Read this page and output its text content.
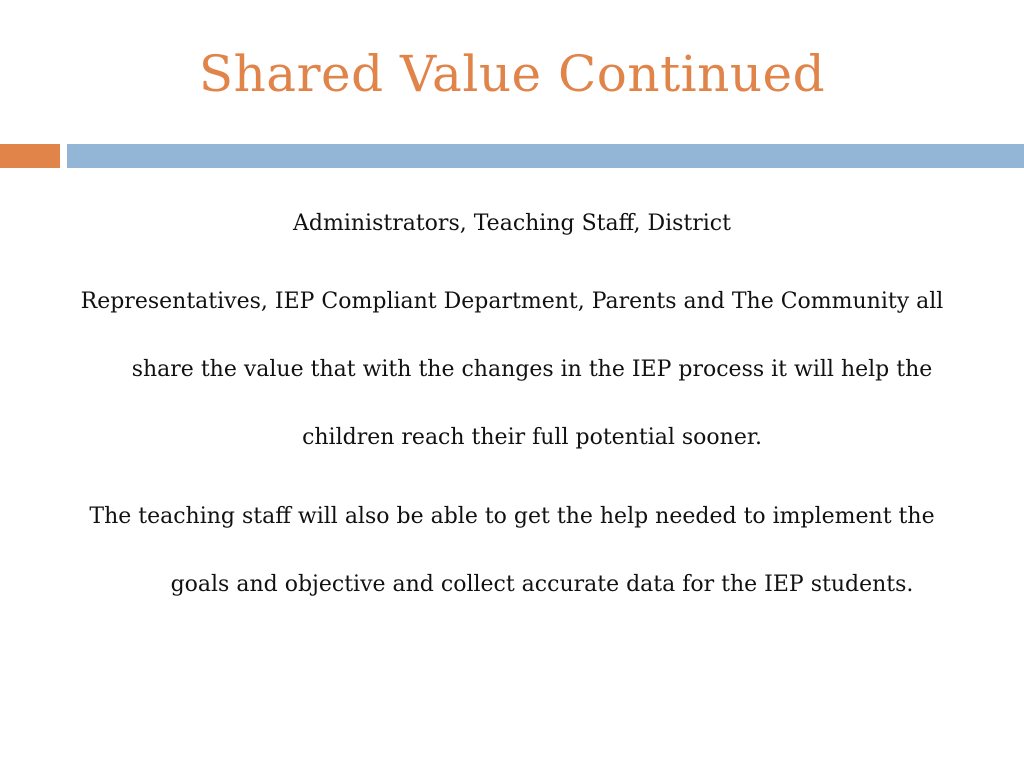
Shared Value Continued

Administrators, Teaching Staff, District

Representatives, IEP Compliant Department, Parents and The Community all

share the value that with the changes in the IEP process it will help the

children reach their full potential sooner.

The teaching staff will also be able to get the help needed to implement the

goals and objective and collect accurate data for the IEP students.
